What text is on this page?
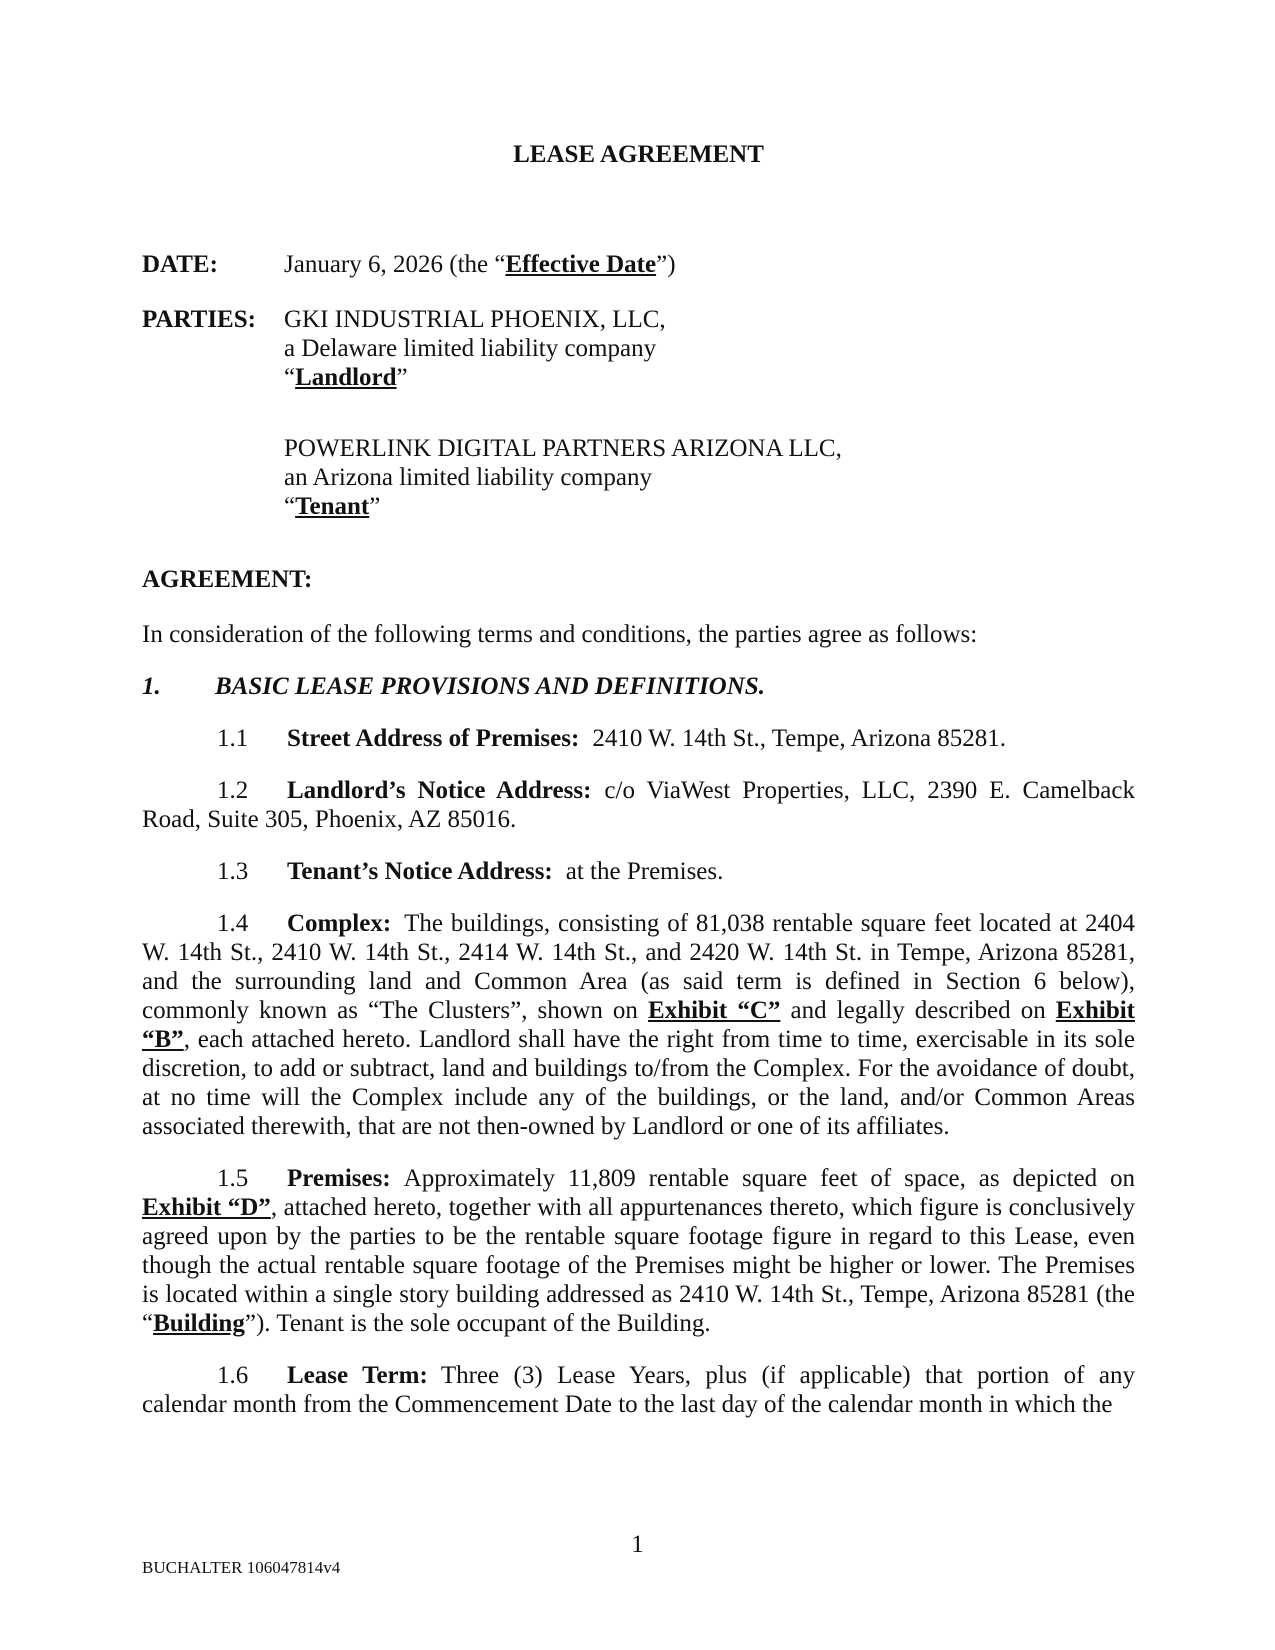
LEASE AGREEMENT
DATE:	January 6, 2026 (the “Effective Date”)
PARTIES:	GKI INDUSTRIAL PHOENIX, LLC,
a Delaware limited liability company
“Landlord”
POWERLINK DIGITAL PARTNERS ARIZONA LLC,
an Arizona limited liability company
“Tenant”
AGREEMENT:
In consideration of the following terms and conditions, the parties agree as follows:
1. BASIC LEASE PROVISIONS AND DEFINITIONS.
1.1 Street Address of Premises: 2410 W. 14th St., Tempe, Arizona 85281.
1.2 Landlord’s Notice Address: c/o ViaWest Properties, LLC, 2390 E. Camelback Road, Suite 305, Phoenix, AZ 85016.
1.3 Tenant’s Notice Address: at the Premises.
1.4 Complex: The buildings, consisting of 81,038 rentable square feet located at 2404 W. 14th St., 2410 W. 14th St., 2414 W. 14th St., and 2420 W. 14th St. in Tempe, Arizona 85281, and the surrounding land and Common Area (as said term is defined in Section 6 below), commonly known as “The Clusters”, shown on Exhibit “C” and legally described on Exhibit “B”, each attached hereto. Landlord shall have the right from time to time, exercisable in its sole discretion, to add or subtract, land and buildings to/from the Complex. For the avoidance of doubt, at no time will the Complex include any of the buildings, or the land, and/or Common Areas associated therewith, that are not then-owned by Landlord or one of its affiliates.
1.5 Premises: Approximately 11,809 rentable square feet of space, as depicted on Exhibit “D”, attached hereto, together with all appurtenances thereto, which figure is conclusively agreed upon by the parties to be the rentable square footage figure in regard to this Lease, even though the actual rentable square footage of the Premises might be higher or lower. The Premises is located within a single story building addressed as 2410 W. 14th St., Tempe, Arizona 85281 (the “Building”). Tenant is the sole occupant of the Building.
1.6 Lease Term: Three (3) Lease Years, plus (if applicable) that portion of any calendar month from the Commencement Date to the last day of the calendar month in which the
1
BUCHALTER 106047814v4
